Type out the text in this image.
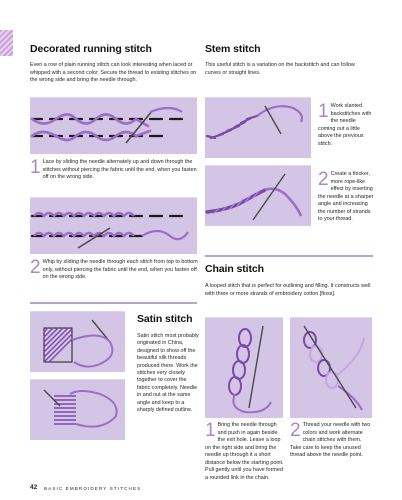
Decorated running stitch

Even a row of plain running stitch can look interesting when laced or whipped with a second color. Secure the thread to existing stitches on the wrong side and bring the needle through.

1 Lace by sliding the needle alternately up and down through the stitches without piercing the fabric until the end, when you fasten off on the wrong side.

2 Whip by sliding the needle through each stitch from top to bottom only, without piercing the fabric until the end, when you fasten off on the wrong side.

Satin stitch

Satin stitch most probably originated in China, designed to show off the beautiful silk threads produced there. Work the stitches very closely together to cover the fabric completely. Needle in and out at the same angle and keep to a sharply defined outline.

Stem stitch

This useful stitch is a variation on the backstitch and can follow curves or straight lines.

1 Work slanted backstitches with the needle coming out a little above the previous stitch.

2 Create a thicker, more rope-like effect by inserting the needle at a sharper angle and increasing the number of strands to your thread.

Chain stitch

A looped stitch that is perfect for outlining and filling. It constructs well with three or more strands of embroidery cotton [floss].

1 Bring the needle through and push in again beside the exit hole. Leave a loop on the right side and bring the needle up through it a short distance below the starting point. Pull gently until you have formed a rounded link in the chain.

2 Thread your needle with two colors and work alternate chain stitches with them. Take care to keep the unused thread above the needle point.

42 BASIC EMBROIDERY STITCHES
